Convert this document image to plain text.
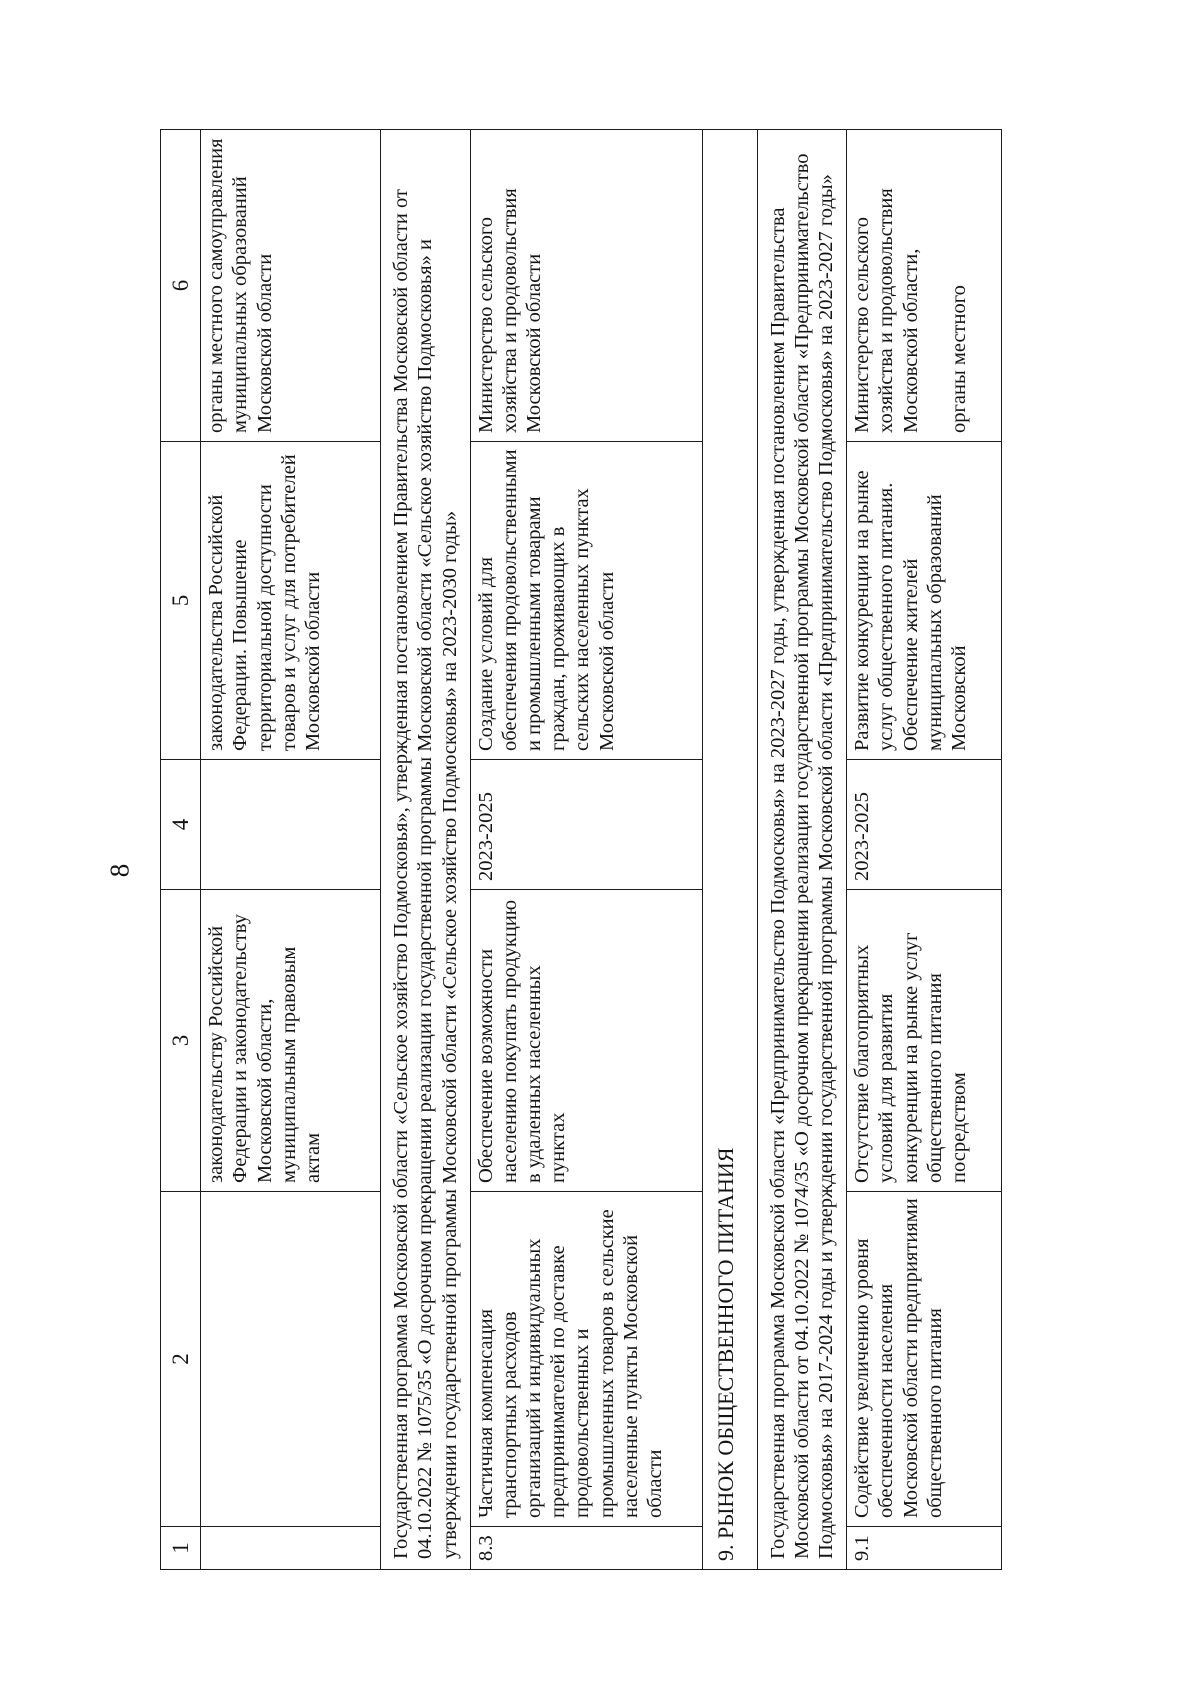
8
1	2	3	4	5	6
		законодательству Российской Федерации и законодательству Московской области, муниципальным правовым актам		законодательства Российской Федерации. Повышение территориальной доступности товаров и услуг для потребителей Московской области	органы местного самоуправления муниципальных образований Московской области
Государственная программа Московской области «Сельское хозяйство Подмосковья», утвержденная постановлением Правительства Московской области от 04.10.2022 № 1075/35 «О досрочном прекращении реализации государственной программы Московской области «Сельское хозяйство Подмосковья» и утверждении государственной программы Московской области «Сельское хозяйство Подмосковья» на 2023-2030 годы»					
8.3	Частичная компенсация транспортных расходов организаций и индивидуальных предпринимателей по доставке продовольственных и промышленных товаров в сельские населенные пункты Московской области	Обеспечение возможности населению покупать продукцию в удаленных населенных пунктах	2023-2025	Создание условий для обеспечения продовольственными и промышленными товарами граждан, проживающих в сельских населенных пунктах Московской области	Министерство сельского хозяйства и продовольствия Московской области
9. РЫНОК ОБЩЕСТВЕННОГО ПИТАНИЯ					
Государственная программа Московской области «Предпринимательство Подмосковья» на 2023-2027 годы, утвержденная постановлением Правительства Московской области от 04.10.2022 № 1074/35 «О досрочном прекращении реализации государственной программы Московской области «Предпринимательство Подмосковья» на 2017-2024 годы и утверждении государственной программы Московской области «Предпринимательство Подмосковья» на 2023-2027 годы»					
9.1	Содействие увеличению уровня обеспеченности населения Московской области предприятиями общественного питания	Отсутствие благоприятных условий для развития конкуренции на рынке услуг общественного питания посредством	2023-2025	Развитие конкуренции на рынке услуг общественного питания. Обеспечение жителей муниципальных образований Московской	Министерство сельского хозяйства и продовольствия Московской области, органы местного
